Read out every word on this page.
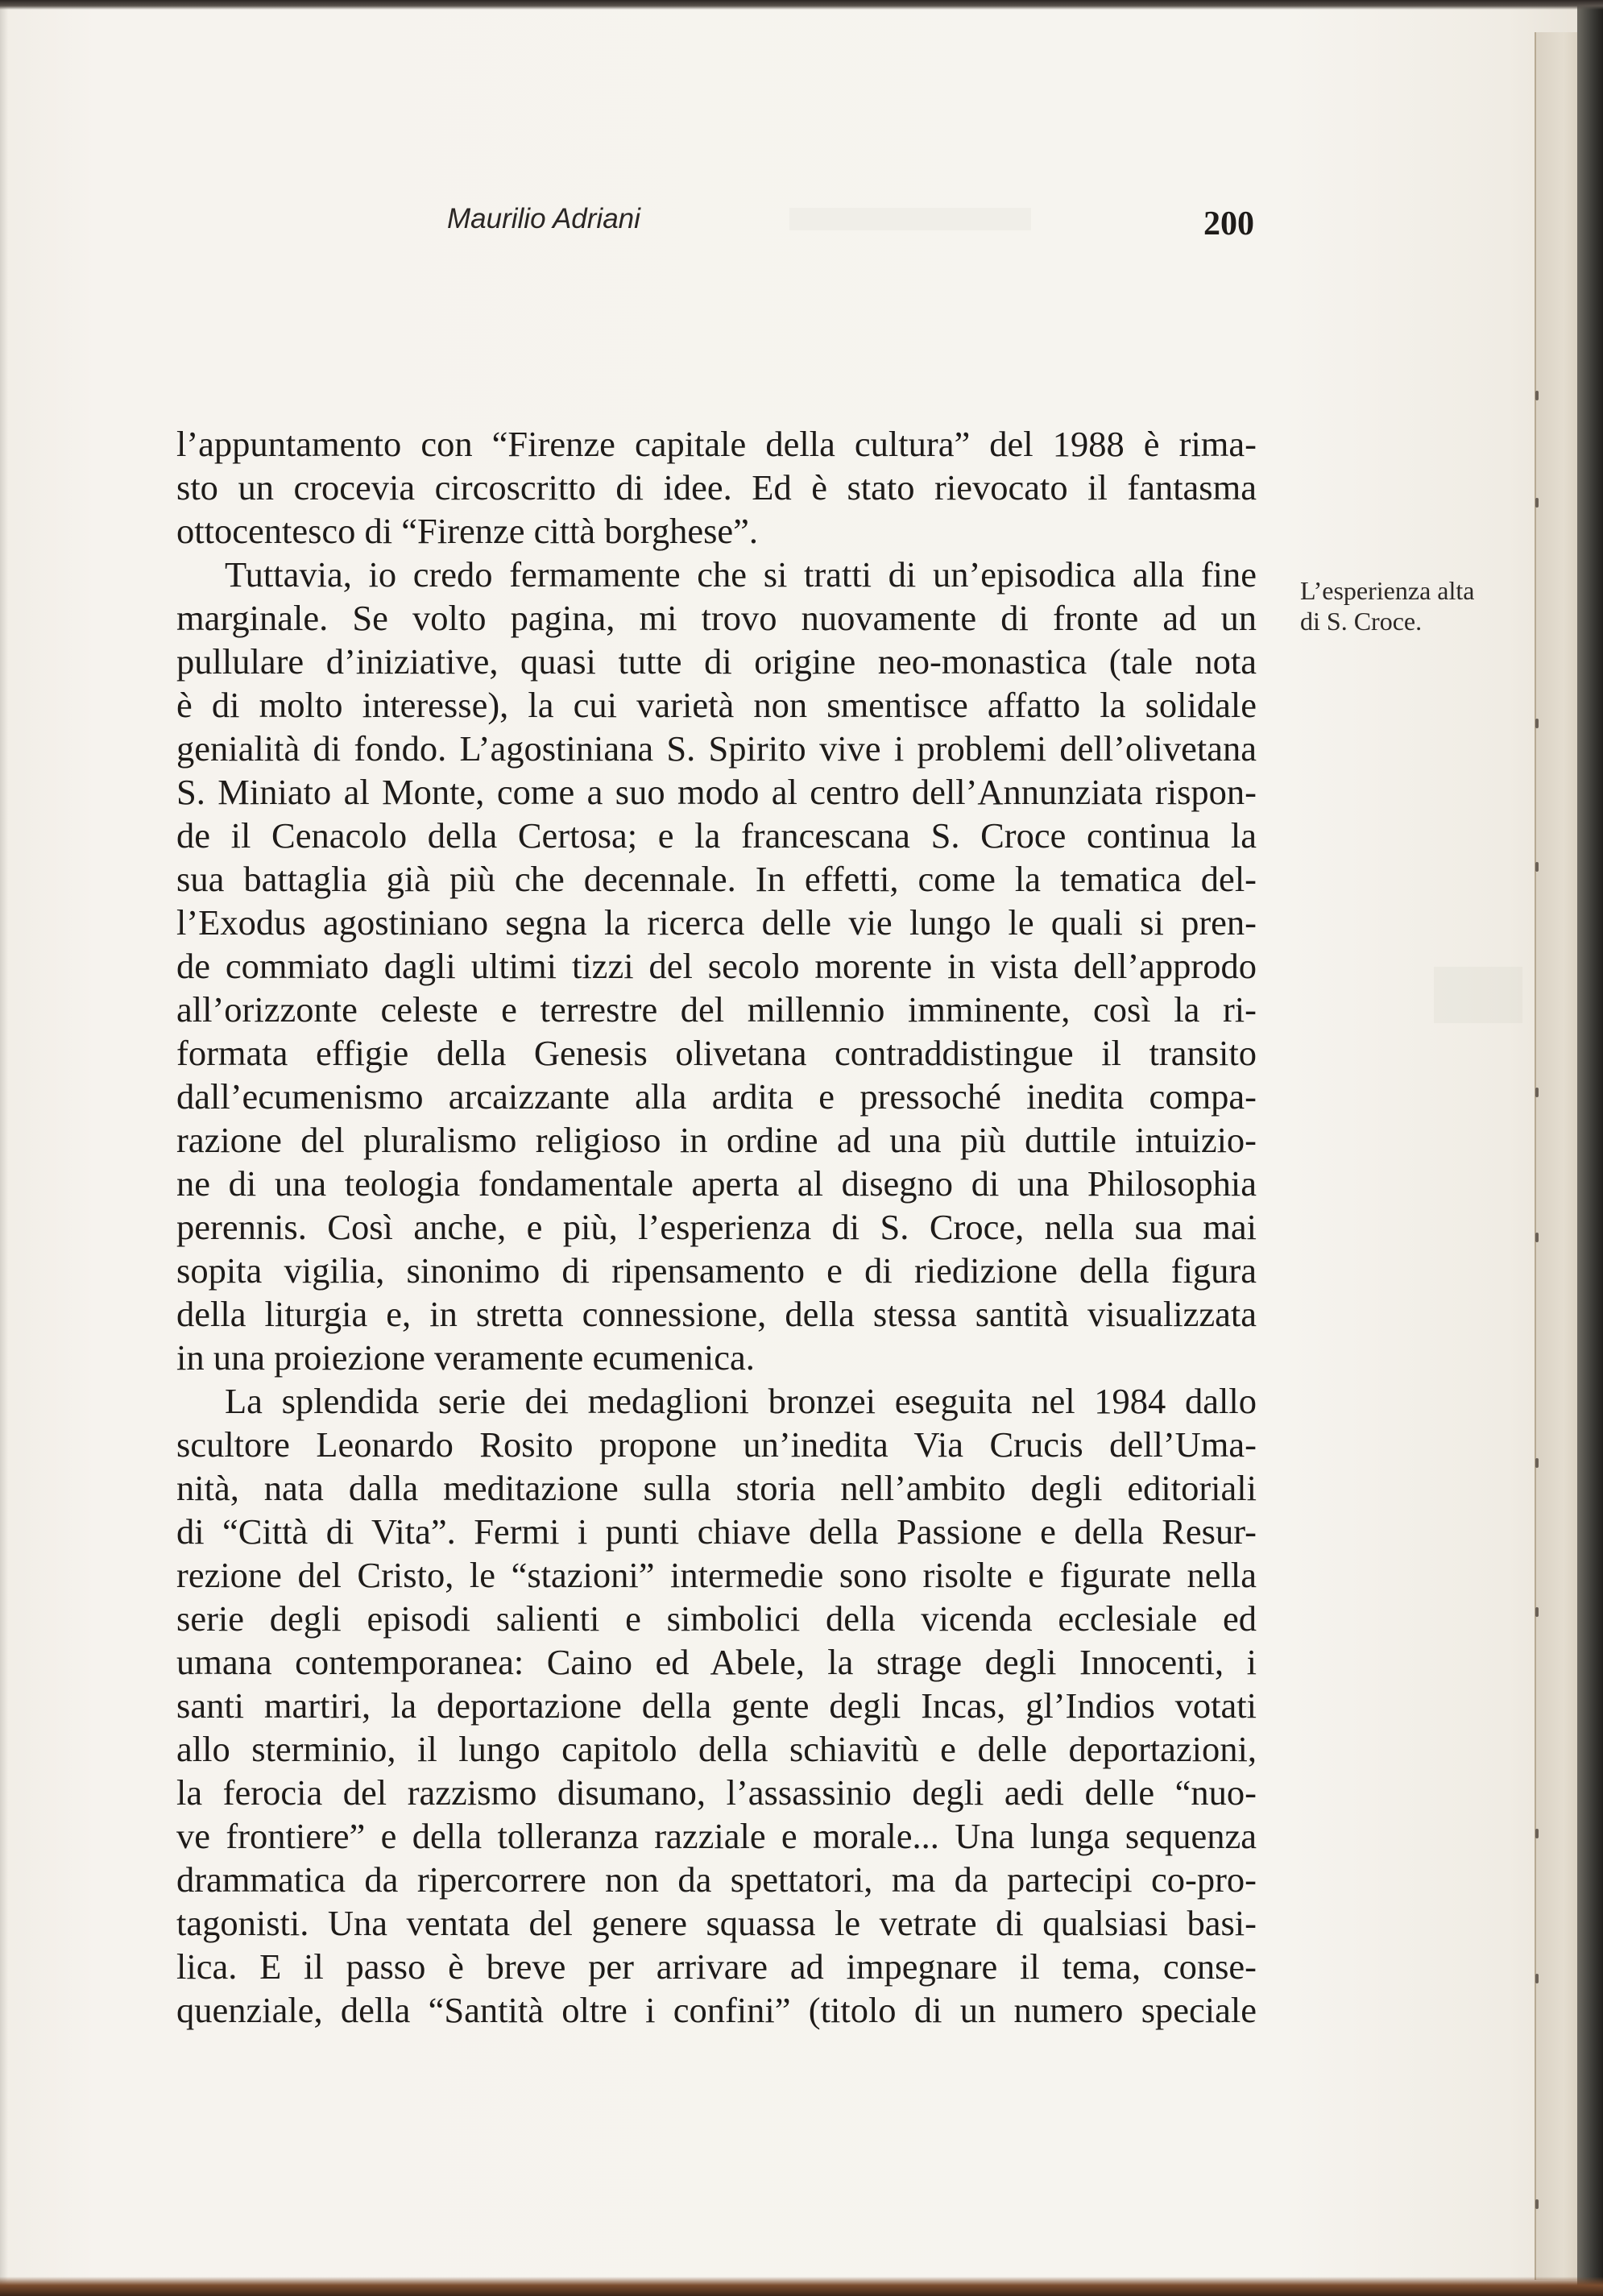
Maurilio Adriani	200
L’esperienza alta
di S. Croce.
l’appuntamento con “Firenze capitale della cultura” del 1988 è rima-
sto un crocevia circoscritto di idee. Ed è stato rievocato il fantasma
ottocentesco di “Firenze città borghese”.
Tuttavia, io credo fermamente che si tratti di un’episodica alla fine
marginale. Se volto pagina, mi trovo nuovamente di fronte ad un
pullulare d’iniziative, quasi tutte di origine neo-monastica (tale nota
è di molto interesse), la cui varietà non smentisce affatto la solidale
genialità di fondo. L’agostiniana S. Spirito vive i problemi dell’olivetana
S. Miniato al Monte, come a suo modo al centro dell’Annunziata rispon-
de il Cenacolo della Certosa; e la francescana S. Croce continua la
sua battaglia già più che decennale. In effetti, come la tematica del-
l’Exodus agostiniano segna la ricerca delle vie lungo le quali si pren-
de commiato dagli ultimi tizzi del secolo morente in vista dell’approdo
all’orizzonte celeste e terrestre del millennio imminente, così la ri-
formata effigie della Genesis olivetana contraddistingue il transito
dall’ecumenismo arcaizzante alla ardita e pressoché inedita compa-
razione del pluralismo religioso in ordine ad una più duttile intuizio-
ne di una teologia fondamentale aperta al disegno di una Philosophia
perennis. Così anche, e più, l’esperienza di S. Croce, nella sua mai
sopita vigilia, sinonimo di ripensamento e di riedizione della figura
della liturgia e, in stretta connessione, della stessa santità visualizzata
in una proiezione veramente ecumenica.
La splendida serie dei medaglioni bronzei eseguita nel 1984 dallo
scultore Leonardo Rosito propone un’inedita Via Crucis dell’Uma-
nità, nata dalla meditazione sulla storia nell’ambito degli editoriali
di “Città di Vita”. Fermi i punti chiave della Passione e della Resur-
rezione del Cristo, le “stazioni” intermedie sono risolte e figurate nella
serie degli episodi salienti e simbolici della vicenda ecclesiale ed
umana contemporanea: Caino ed Abele, la strage degli Innocenti, i
santi martiri, la deportazione della gente degli Incas, gl’Indios votati
allo sterminio, il lungo capitolo della schiavitù e delle deportazioni,
la ferocia del razzismo disumano, l’assassinio degli aedi delle “nuo-
ve frontiere” e della tolleranza razziale e morale... Una lunga sequenza
drammatica da ripercorrere non da spettatori, ma da partecipi co-pro-
tagonisti. Una ventata del genere squassa le vetrate di qualsiasi basi-
lica. E il passo è breve per arrivare ad impegnare il tema, conse-
quenziale, della “Santità oltre i confini” (titolo di un numero speciale
